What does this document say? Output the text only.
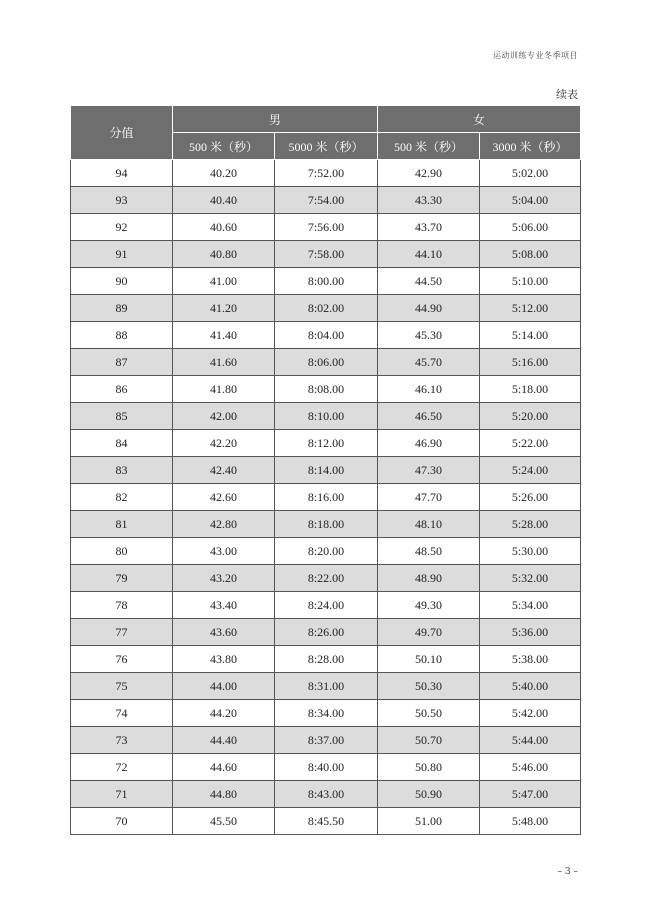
运动训练专业冬季项目
续表
分值	男		女	
	500 米（秒）	5000 米（秒）	500 米（秒）	3000 米（秒）
94	40.20	7:52.00	42.90	5:02.00
93	40.40	7:54.00	43.30	5:04.00
92	40.60	7:56.00	43.70	5:06.00
91	40.80	7:58.00	44.10	5:08.00
90	41.00	8:00.00	44.50	5:10.00
89	41.20	8:02.00	44.90	5:12.00
88	41.40	8:04.00	45.30	5:14.00
87	41.60	8:06.00	45.70	5:16.00
86	41.80	8:08.00	46.10	5:18.00
85	42.00	8:10.00	46.50	5:20.00
84	42.20	8:12.00	46.90	5:22.00
83	42.40	8:14.00	47.30	5:24.00
82	42.60	8:16.00	47.70	5:26.00
81	42.80	8:18.00	48.10	5:28.00
80	43.00	8:20.00	48.50	5:30.00
79	43.20	8:22.00	48.90	5:32.00
78	43.40	8:24.00	49.30	5:34.00
77	43.60	8:26.00	49.70	5:36.00
76	43.80	8:28.00	50.10	5:38.00
75	44.00	8:31.00	50.30	5:40.00
74	44.20	8:34.00	50.50	5:42.00
73	44.40	8:37.00	50.70	5:44.00
72	44.60	8:40.00	50.80	5:46.00
71	44.80	8:43.00	50.90	5:47.00
70	45.50	8:45.50	51.00	5:48.00
– 3 –
